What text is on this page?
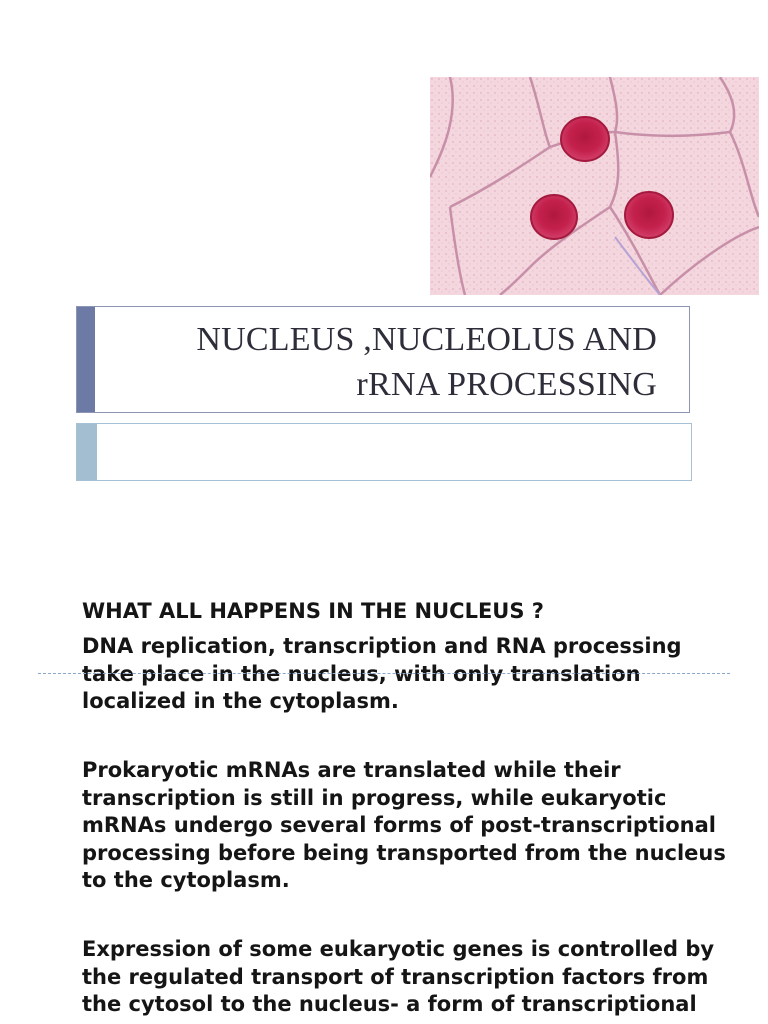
NUCLEUS ,NUCLEOLUS AND
rRNA PROCESSING
WHAT ALL HAPPENS IN THE NUCLEUS ?
DNA replication, transcription and RNA processing take place in the nucleus, with only translation localized in the cytoplasm.
Prokaryotic mRNAs are translated while their transcription is still in progress, while eukaryotic mRNAs undergo several forms of post-transcriptional processing before being transported from the nucleus to the cytoplasm.
Expression of some eukaryotic genes is controlled by the regulated transport of transcription factors from the cytosol to the nucleus- a form of transcriptional
